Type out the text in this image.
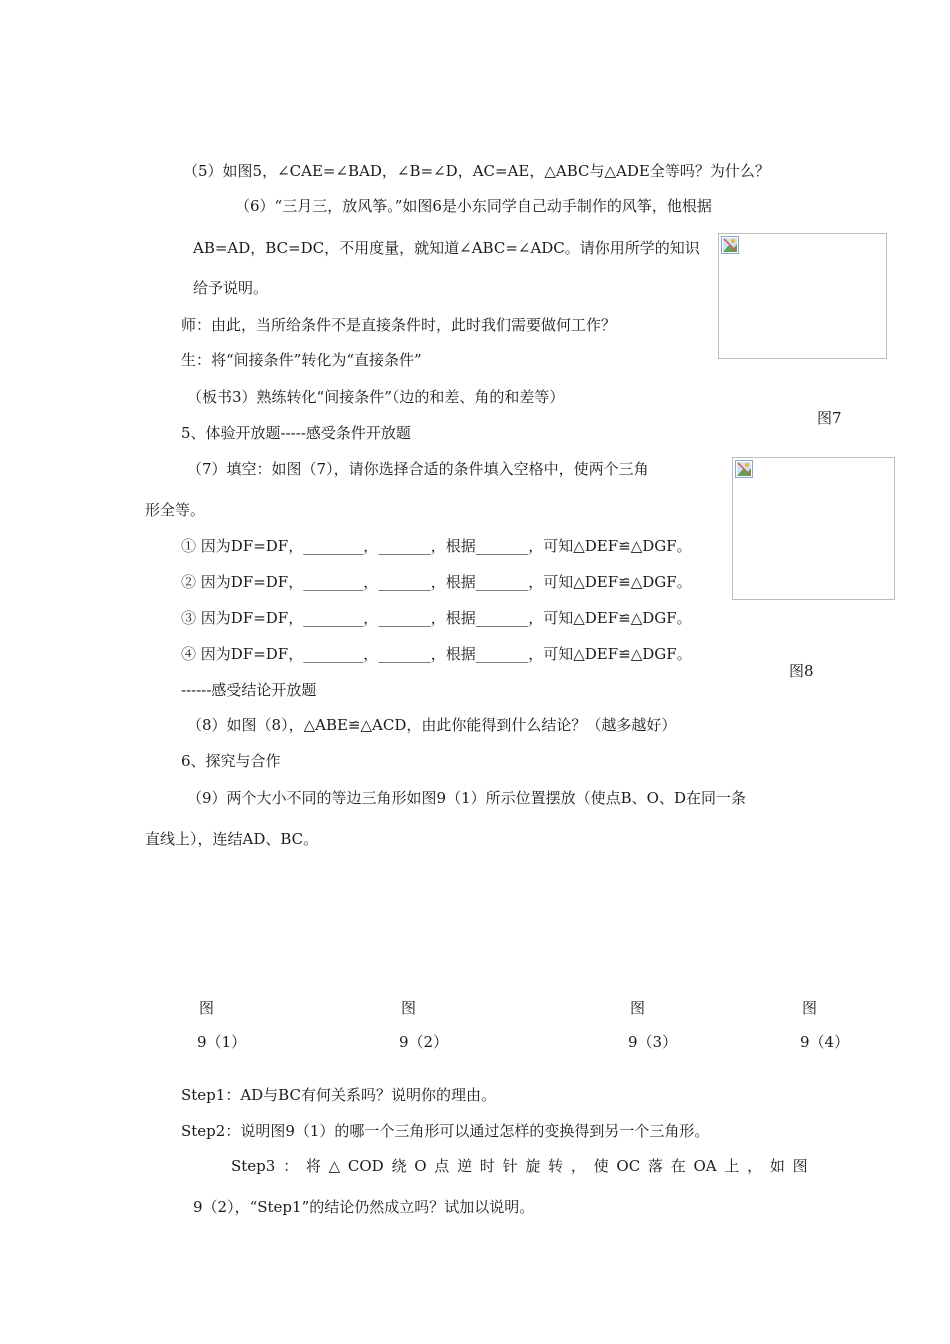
（5）如图5，∠CAE=∠BAD，∠B=∠D，AC=AE，△ABC与△ADE全等吗？为什么？
（6）“三月三，放风筝。”如图6是小东同学自己动手制作的风筝，他根据
AB=AD，BC=DC，不用度量，就知道∠ABC=∠ADC。请你用所学的知识
给予说明。
师：由此，当所给条件不是直接条件时，此时我们需要做何工作？
生：将“间接条件”转化为“直接条件”
（板书3）熟练转化“间接条件”（边的和差、角的和差等）
图7
5、体验开放题-----感受条件开放题
（7）填空：如图（7），请你选择合适的条件填入空格中，使两个三角
形全等。
① 因为DF=DF，________，_______，根据_______，可知△DEF≌△DGF。
② 因为DF=DF，________，_______，根据_______，可知△DEF≌△DGF。
③ 因为DF=DF，________，_______，根据_______，可知△DEF≌△DGF。
④ 因为DF=DF，________，_______，根据_______，可知△DEF≌△DGF。
图8
------感受结论开放题
（8）如图（8），△ABE≌△ACD，由此你能得到什么结论？（越多越好）
6、探究与合作
（9）两个大小不同的等边三角形如图9（1）所示位置摆放（使点B、O、D在同一条
直线上），连结AD、BC。
图
9（1）
图
9（2）
图
9（3）
图
9（4）
Step1：AD与BC有何关系吗？说明你的理由。
Step2：说明图9（1）的哪一个三角形可以通过怎样的变换得到另一个三角形。
Step3 ： 将 △ COD 绕 O 点 逆 时 针 旋 转 ， 使 OC 落 在 OA 上 ， 如 图
9（2），“Step1”的结论仍然成立吗？试加以说明。
